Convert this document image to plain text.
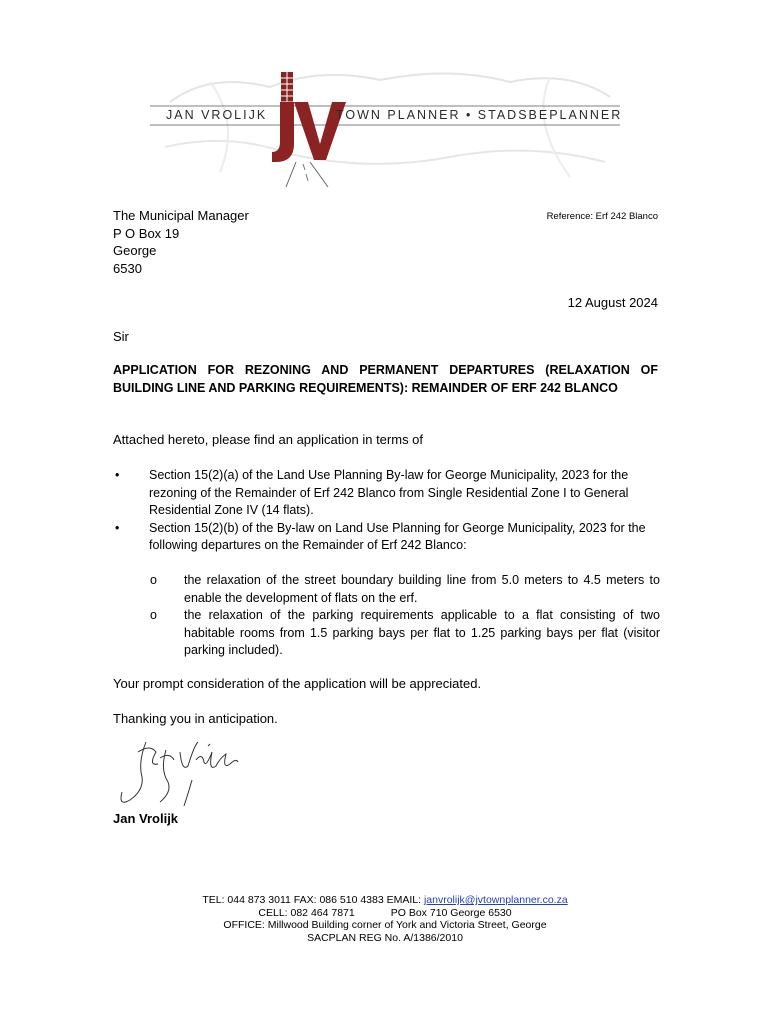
JAN VROLIJK	TOWN PLANNER • STADSBEPLANNER
The Municipal Manager
P O Box 19
George
6530
Reference: Erf 242 Blanco
12 August 2024
Sir
APPLICATION FOR REZONING AND PERMANENT DEPARTURES (RELAXATION OF BUILDING LINE AND PARKING REQUIREMENTS): REMAINDER OF ERF 242 BLANCO
Attached hereto, please find an application in terms of
• Section 15(2)(a) of the Land Use Planning By-law for George Municipality, 2023 for the rezoning of the Remainder of Erf 242 Blanco from Single Residential Zone I to General Residential Zone IV (14 flats).
• Section 15(2)(b) of the By-law on Land Use Planning for George Municipality, 2023 for the following departures on the Remainder of Erf 242 Blanco:
o the relaxation of the street boundary building line from 5.0 meters to 4.5 meters to enable the development of flats on the erf.
o the relaxation of the parking requirements applicable to a flat consisting of two habitable rooms from 1.5 parking bays per flat to 1.25 parking bays per flat (visitor parking included).
Your prompt consideration of the application will be appreciated.
Thanking you in anticipation.
Jan Vrolijk
TEL: 044 873 3011 FAX: 086 510 4383 EMAIL: janvrolijk@jvtownplanner.co.za
CELL: 082 464 7871	PO Box 710 George 6530
OFFICE: Millwood Building corner of York and Victoria Street, George
SACPLAN REG No. A/1386/2010
